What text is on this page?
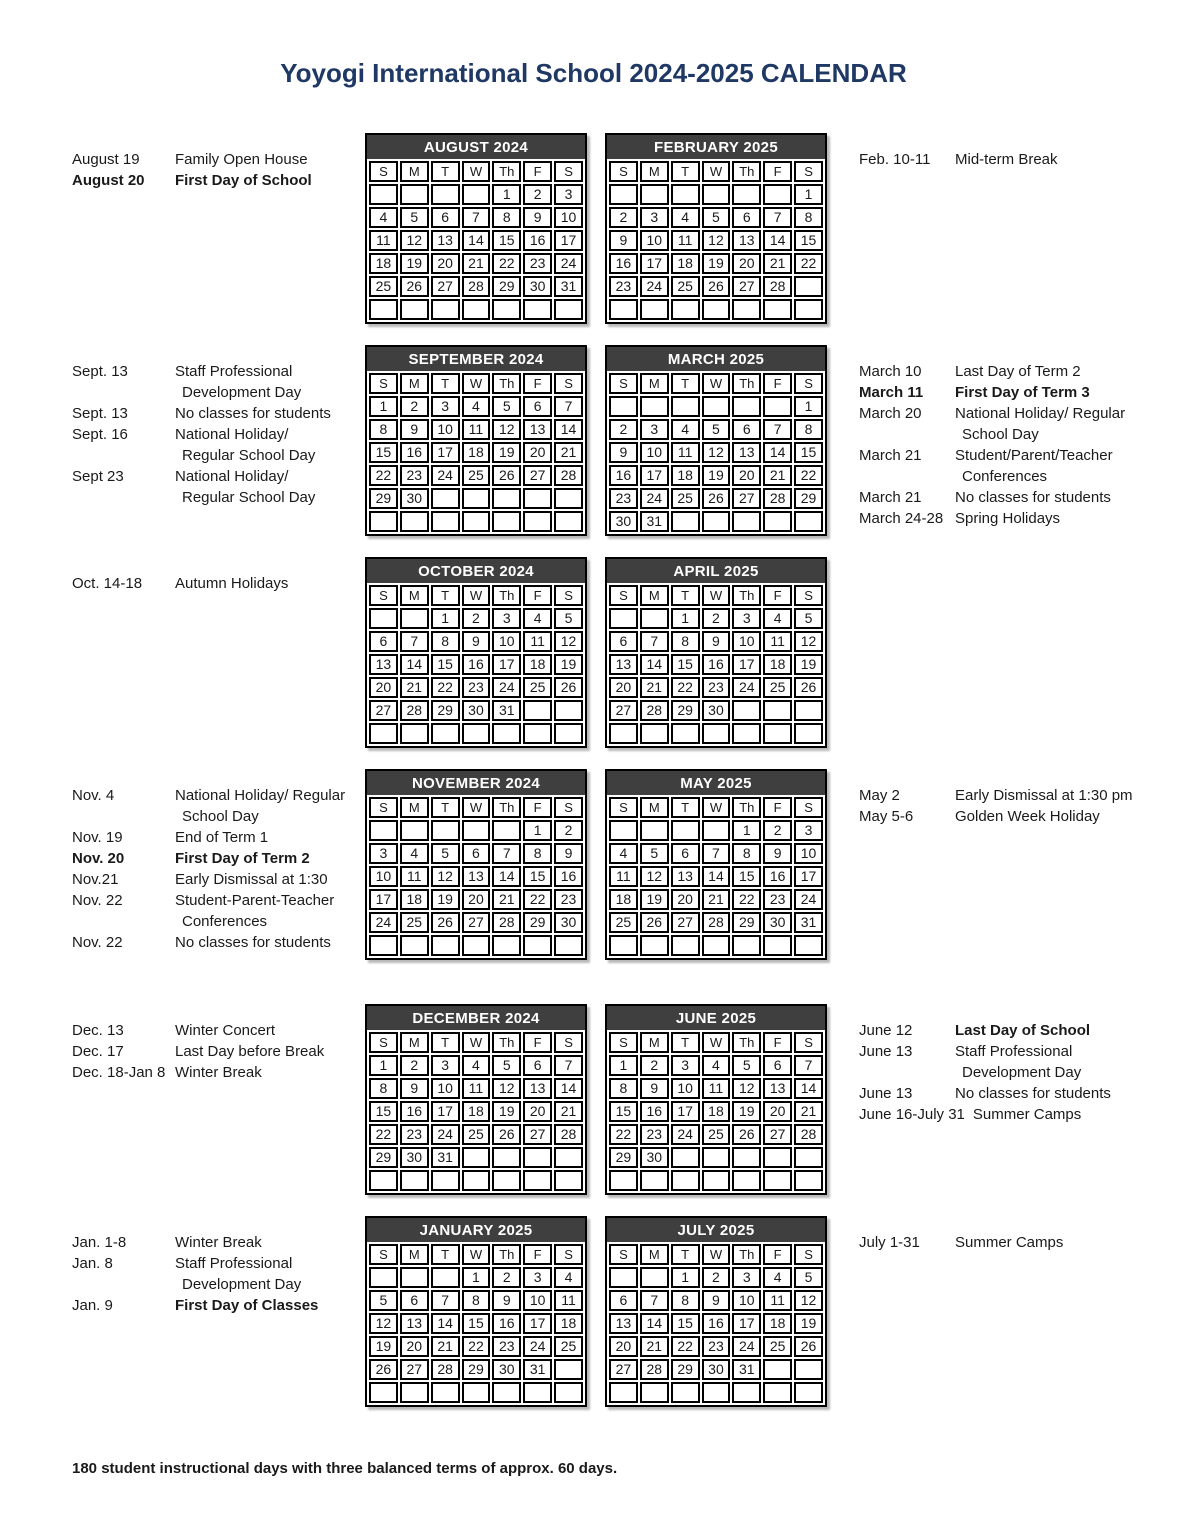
Yoyogi International School 2024-2025 CALENDAR
August 19	Family Open House
August 20	First Day of School
AUGUST 2024
S	M	T	W	Th	F	S
				1	2	3
4	5	6	7	8	9	10
11	12	13	14	15	16	17
18	19	20	21	22	23	24
25	26	27	28	29	30	31

FEBRUARY 2025
S	M	T	W	Th	F	S
						1
2	3	4	5	6	7	8
9	10	11	12	13	14	15
16	17	18	19	20	21	22
23	24	25	26	27	28	

Feb. 10-11	Mid-term Break
Sept. 13	Staff Professional
Development Day
Sept. 13	No classes for students
Sept. 16	National Holiday/
Regular School Day
Sept 23	National Holiday/
Regular School Day
SEPTEMBER 2024
S	M	T	W	Th	F	S
1	2	3	4	5	6	7
8	9	10	11	12	13	14
15	16	17	18	19	20	21
22	23	24	25	26	27	28
29	30					

MARCH 2025
S	M	T	W	Th	F	S
						1
2	3	4	5	6	7	8
9	10	11	12	13	14	15
16	17	18	19	20	21	22
23	24	25	26	27	28	29
30	31					
March 10	Last Day of Term 2
March 11	First Day of Term 3
March 20	National Holiday/ Regular
School Day
March 21	Student/Parent/Teacher
Conferences
March 21	No classes for students
March 24-28 Spring Holidays
Oct. 14-18	Autumn Holidays
OCTOBER 2024
S	M	T	W	Th	F	S
		1	2	3	4	5
6	7	8	9	10	11	12
13	14	15	16	17	18	19
20	21	22	23	24	25	26
27	28	29	30	31		

APRIL 2025
S	M	T	W	Th	F	S
		1	2	3	4	5
6	7	8	9	10	11	12
13	14	15	16	17	18	19
20	21	22	23	24	25	26
27	28	29	30			

Nov. 4	National Holiday/ Regular
School Day
Nov. 19	End of Term 1
Nov. 20	First Day of Term 2
Nov.21	Early Dismissal at 1:30
Nov. 22	Student-Parent-Teacher
Conferences
Nov. 22	No classes for students
NOVEMBER 2024
S	M	T	W	Th	F	S
					1	2
3	4	5	6	7	8	9
10	11	12	13	14	15	16
17	18	19	20	21	22	23
24	25	26	27	28	29	30

MAY 2025
S	M	T	W	Th	F	S
				1	2	3
4	5	6	7	8	9	10
11	12	13	14	15	16	17
18	19	20	21	22	23	24
25	26	27	28	29	30	31

May 2	Early Dismissal at 1:30 pm
May 5-6	Golden Week Holiday
Dec. 13	Winter Concert
Dec. 17	Last Day before Break
Dec. 18-Jan 8 Winter Break
DECEMBER 2024
S	M	T	W	Th	F	S
1	2	3	4	5	6	7
8	9	10	11	12	13	14
15	16	17	18	19	20	21
22	23	24	25	26	27	28
29	30	31				

JUNE 2025
S	M	T	W	Th	F	S
1	2	3	4	5	6	7
8	9	10	11	12	13	14
15	16	17	18	19	20	21
22	23	24	25	26	27	28
29	30					

June 12	Last Day of School
June 13	Staff Professional
Development Day
June 13	No classes for students
June 16-July 31 Summer Camps
Jan. 1-8	Winter Break
Jan. 8	Staff Professional
Development Day
Jan. 9	First Day of Classes
JANUARY 2025
S	M	T	W	Th	F	S
			1	2	3	4
5	6	7	8	9	10	11
12	13	14	15	16	17	18
19	20	21	22	23	24	25
26	27	28	29	30	31	

JULY 2025
S	M	T	W	Th	F	S
		1	2	3	4	5
6	7	8	9	10	11	12
13	14	15	16	17	18	19
20	21	22	23	24	25	26
27	28	29	30	31		

July 1-31	Summer Camps
180 student instructional days with three balanced terms of approx. 60 days.
